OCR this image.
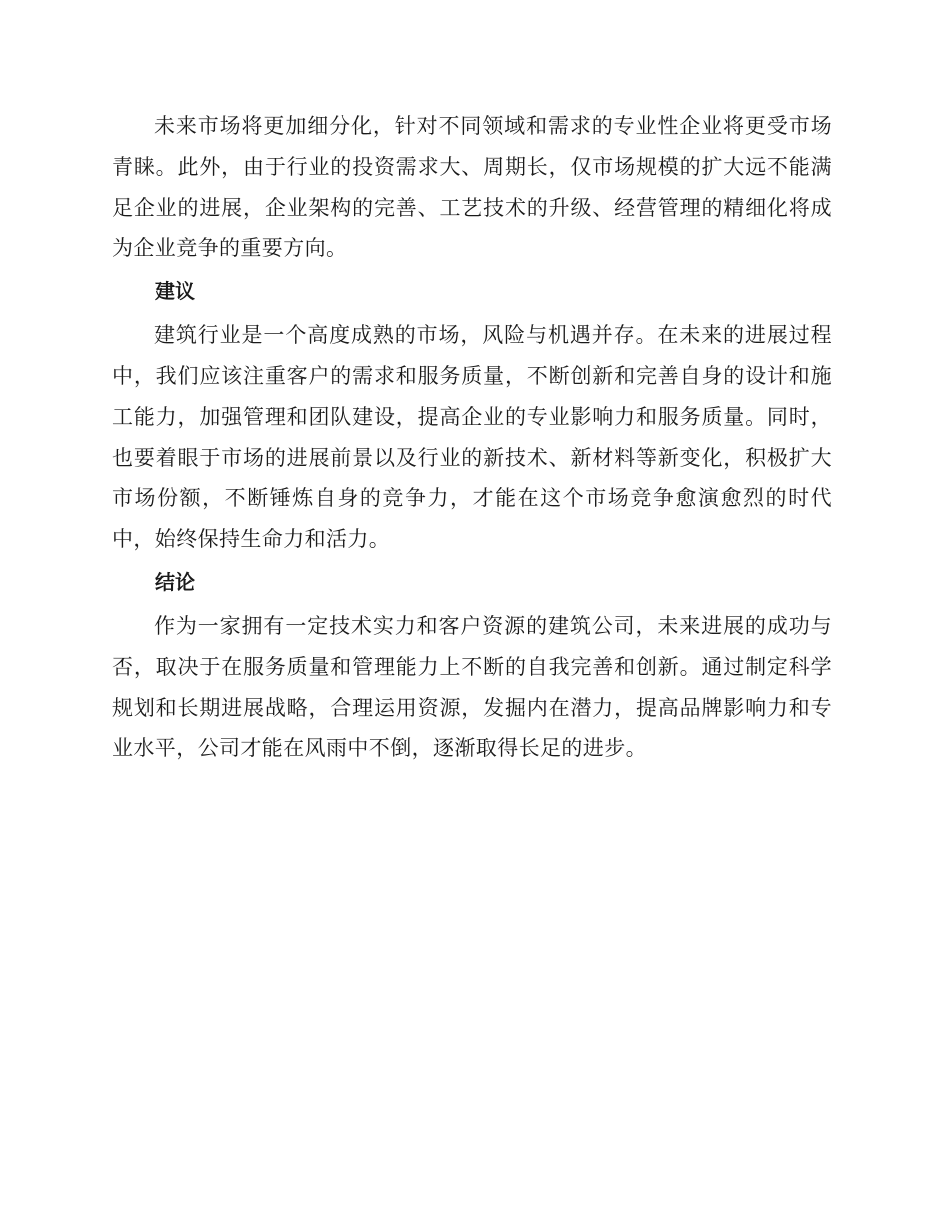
未来市场将更加细分化，针对不同领域和需求的专业性企业将更受市场青睐。此外，由于行业的投资需求大、周期长，仅市场规模的扩大远不能满足企业的进展，企业架构的完善、工艺技术的升级、经营管理的精细化将成为企业竞争的重要方向。

建议

建筑行业是一个高度成熟的市场，风险与机遇并存。在未来的进展过程中，我们应该注重客户的需求和服务质量，不断创新和完善自身的设计和施工能力，加强管理和团队建设，提高企业的专业影响力和服务质量。同时，也要着眼于市场的进展前景以及行业的新技术、新材料等新变化，积极扩大市场份额，不断锤炼自身的竞争力，才能在这个市场竞争愈演愈烈的时代中，始终保持生命力和活力。

结论

作为一家拥有一定技术实力和客户资源的建筑公司，未来进展的成功与否，取决于在服务质量和管理能力上不断的自我完善和创新。通过制定科学规划和长期进展战略，合理运用资源，发掘内在潜力，提高品牌影响力和专业水平，公司才能在风雨中不倒，逐渐取得长足的进步。
